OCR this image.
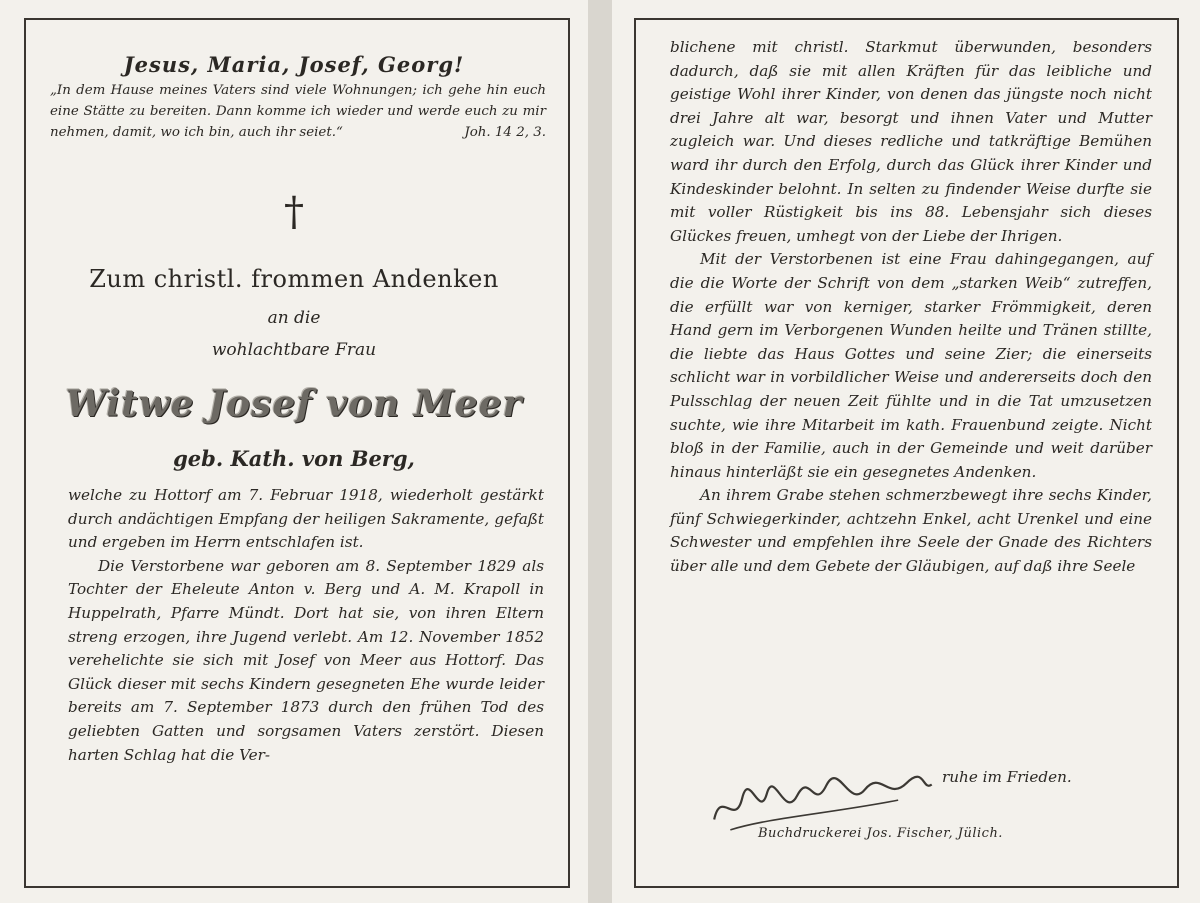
Jesus, Maria, Josef, Georg!
„In dem Hause meines Vaters sind viele Wohnungen; ich gehe hin euch eine Stätte zu bereiten. Dann komme ich wieder und werde euch zu mir nehmen, damit, wo ich bin, auch ihr seiet.“	Joh. 14 2, 3.
†
Zum christl. frommen Andenken
an die
wohlachtbare Frau
Witwe Josef von Meer
geb. Kath. von Berg,

welche zu Hottorf am 7. Februar 1918, wiederholt gestärkt durch andächtigen Empfang der heiligen Sakramente, gefaßt und ergeben im Herrn entschlafen ist.

Die Verstorbene war geboren am 8. September 1829 als Tochter der Eheleute Anton v. Berg und A. M. Krapoll in Huppelrath, Pfarre Mündt. Dort hat sie, von ihren Eltern streng erzogen, ihre Jugend verlebt. Am 12. November 1852 verehelichte sie sich mit Josef von Meer aus Hottorf. Das Glück dieser mit sechs Kindern gesegneten Ehe wurde leider bereits am 7. September 1873 durch den frühen Tod des geliebten Gatten und sorgsamen Vaters zerstört. Diesen harten Schlag hat die Ver-

blichene mit christl. Starkmut überwunden, besonders dadurch, daß sie mit allen Kräften für das leibliche und geistige Wohl ihrer Kinder, von denen das jüngste noch nicht drei Jahre alt war, besorgt und ihnen Vater und Mutter zugleich war. Und dieses redliche und tatkräftige Bemühen ward ihr durch den Erfolg, durch das Glück ihrer Kinder und Kindeskinder belohnt. In selten zu findender Weise durfte sie mit voller Rüstigkeit bis ins 88. Lebensjahr sich dieses Glückes freuen, umhegt von der Liebe der Ihrigen.

Mit der Verstorbenen ist eine Frau dahingegangen, auf die die Worte der Schrift von dem „starken Weib“ zutreffen, die erfüllt war von kerniger, starker Frömmigkeit, deren Hand gern im Verborgenen Wunden heilte und Tränen stillte, die liebte das Haus Gottes und seine Zier; die einerseits schlicht war in vorbildlicher Weise und andererseits doch den Pulsschlag der neuen Zeit fühlte und in die Tat umzusetzen suchte, wie ihre Mitarbeit im kath. Frauenbund zeigte. Nicht bloß in der Familie, auch in der Gemeinde und weit darüber hinaus hinterläßt sie ein gesegnetes Andenken.

An ihrem Grabe stehen schmerzbewegt ihre sechs Kinder, fünf Schwiegerkinder, achtzehn Enkel, acht Urenkel und eine Schwester und empfehlen ihre Seele der Gnade des Richters über alle und dem Gebete der Gläubigen, auf daß ihre Seele

ruhe im Frieden.
Buchdruckerei Jos. Fischer, Jülich.
